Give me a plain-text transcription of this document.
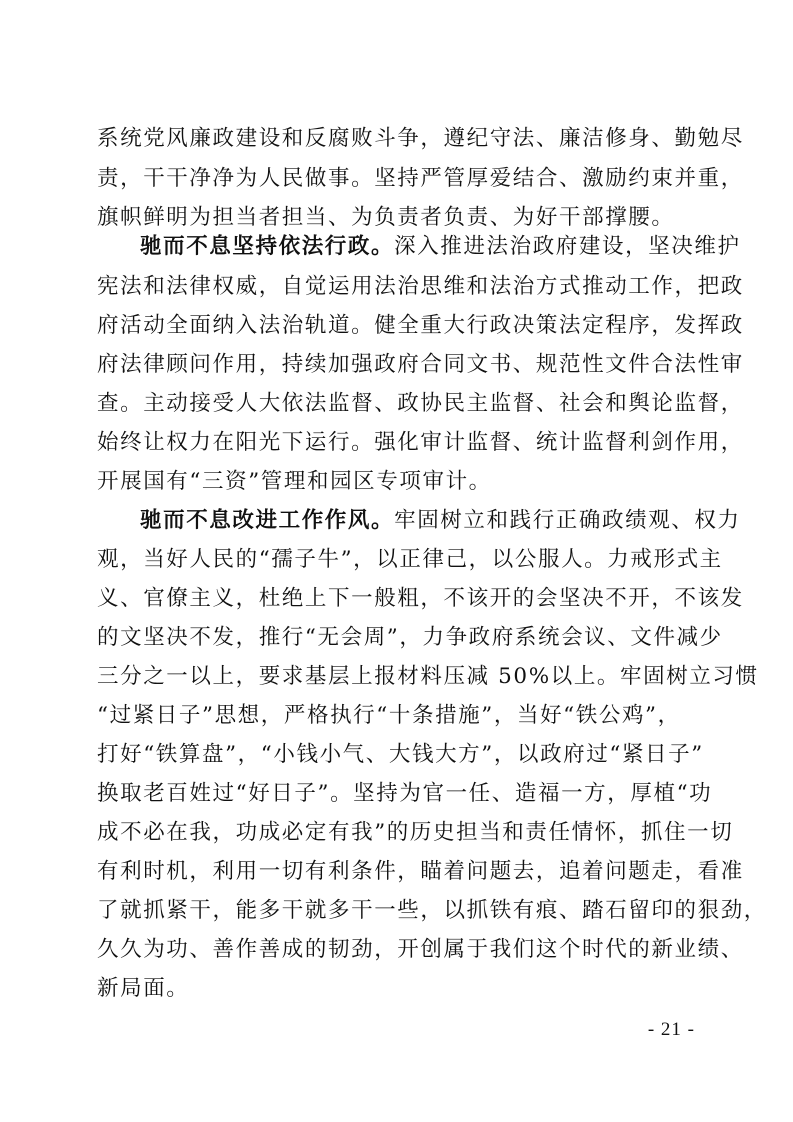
系统党风廉政建设和反腐败斗争，遵纪守法、廉洁修身、勤勉尽
责，干干净净为人民做事。坚持严管厚爱结合、激励约束并重，
旗帜鲜明为担当者担当、为负责者负责、为好干部撑腰。
驰而不息坚持依法行政。深入推进法治政府建设，坚决维护
宪法和法律权威，自觉运用法治思维和法治方式推动工作，把政
府活动全面纳入法治轨道。健全重大行政决策法定程序，发挥政
府法律顾问作用，持续加强政府合同文书、规范性文件合法性审
查。主动接受人大依法监督、政协民主监督、社会和舆论监督，
始终让权力在阳光下运行。强化审计监督、统计监督利剑作用，
开展国有“三资”管理和园区专项审计。
驰而不息改进工作作风。牢固树立和践行正确政绩观、权力
观，当好人民的“孺子牛”，以正律己，以公服人。力戒形式主
义、官僚主义，杜绝上下一般粗，不该开的会坚决不开，不该发
的文坚决不发，推行“无会周”，力争政府系统会议、文件减少
三分之一以上，要求基层上报材料压减 50%以上。牢固树立习惯
“过紧日子”思想，严格执行“十条措施”，当好“铁公鸡”，
打好“铁算盘”，“小钱小气、大钱大方”，以政府过“紧日子”
换取老百姓过“好日子”。坚持为官一任、造福一方，厚植“功
成不必在我，功成必定有我”的历史担当和责任情怀，抓住一切
有利时机，利用一切有利条件，瞄着问题去，追着问题走，看准
了就抓紧干，能多干就多干一些，以抓铁有痕、踏石留印的狠劲，
久久为功、善作善成的韧劲，开创属于我们这个时代的新业绩、
新局面。
- 21 -
